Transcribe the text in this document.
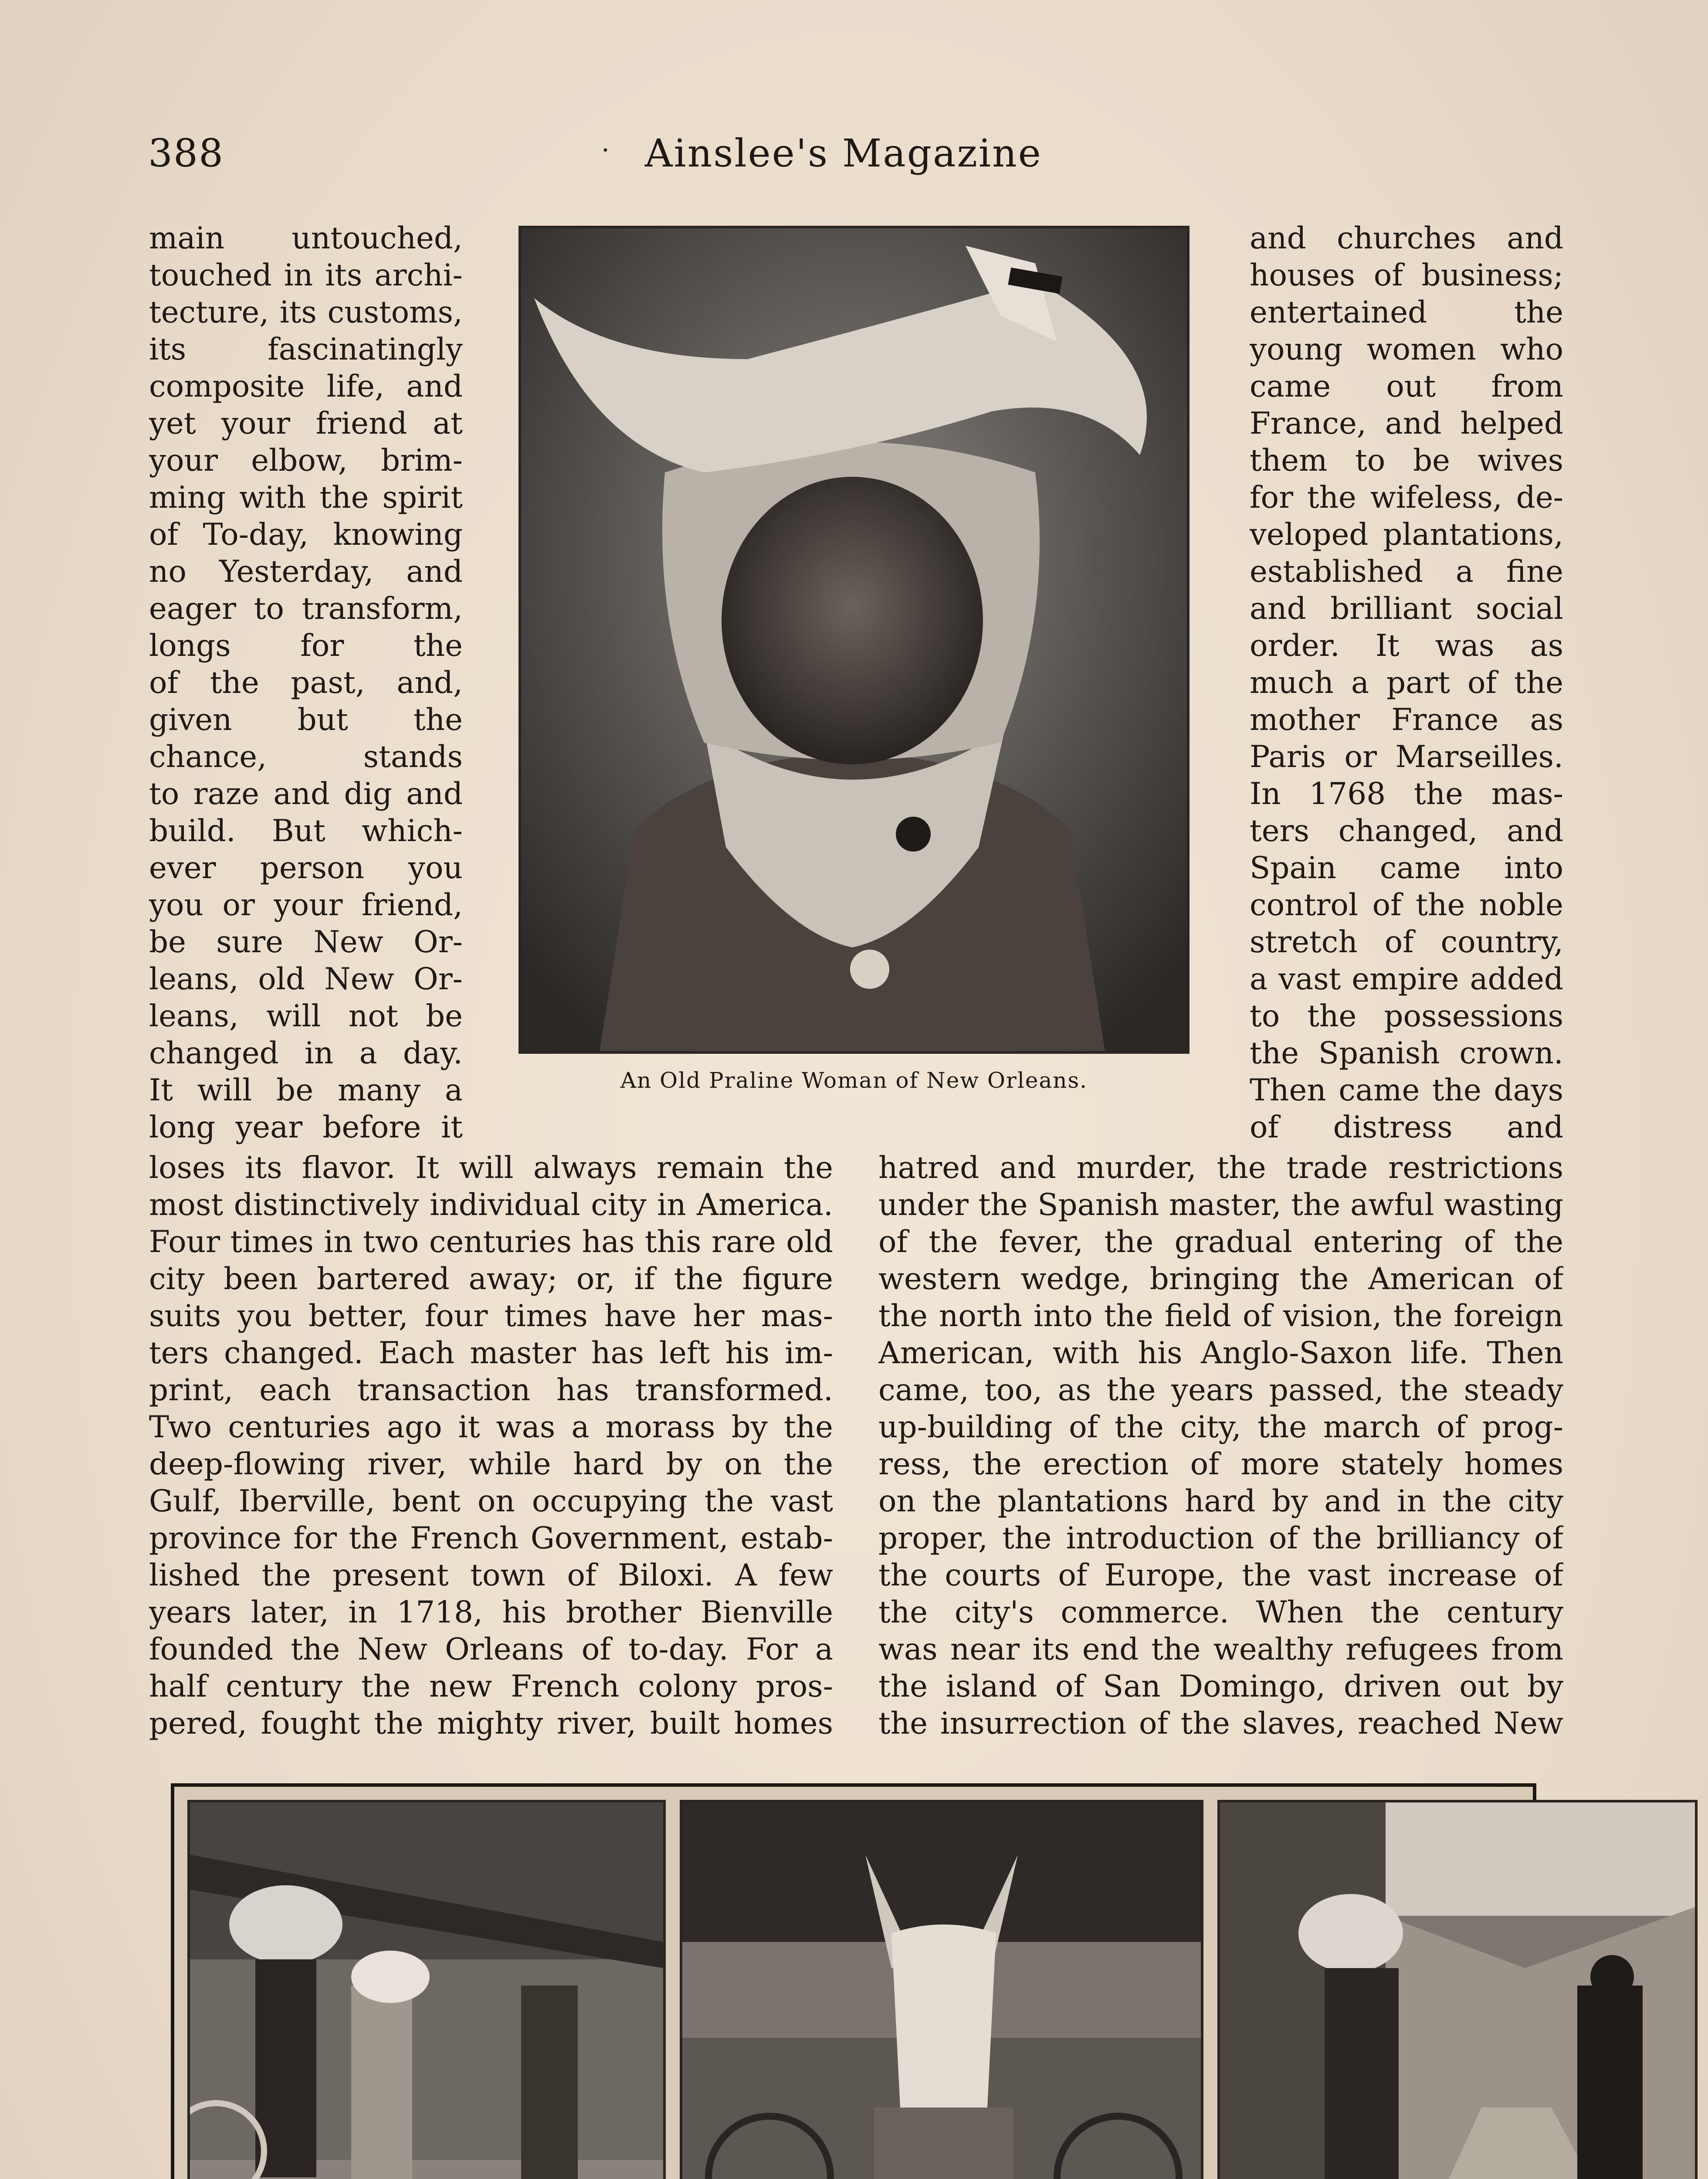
388	Ainslee's Magazine
·
main untouched,
touched in its archi-
tecture, its customs,
its fascinatingly
composite life, and
yet your friend at
your elbow, brim-
ming with the spirit
of To-day, knowing
no Yesterday, and
eager to transform,
longs for the
of the past, and,
given but the
chance, stands
to raze and dig and
build. But which-
ever person you
you or your friend,
be sure New Or-
leans, old New Or-
leans, will not be
changed in a day.
It will be many a
long year before it
and churches and
houses of business;
entertained the
young women who
came out from
France, and helped
them to be wives
for the wifeless, de-
veloped plantations,
established a fine
and brilliant social
order. It was as
much a part of the
mother France as
Paris or Marseilles.
In 1768 the mas-
ters changed, and
Spain came into
control of the noble
stretch of country,
a vast empire added
to the possessions
the Spanish crown.
Then came the days
of distress and
loses its flavor. It will always remain the
most distinctively individual city in America.
Four times in two centuries has this rare old
city been bartered away; or, if the figure
suits you better, four times have her mas-
ters changed. Each master has left his im-
print, each transaction has transformed.
Two centuries ago it was a morass by the
deep-flowing river, while hard by on the
Gulf, Iberville, bent on occupying the vast
province for the French Government, estab-
lished the present town of Biloxi. A few
years later, in 1718, his brother Bienville
founded the New Orleans of to-day. For a
half century the new French colony pros-
pered, fought the mighty river, built homes
hatred and murder, the trade restrictions
under the Spanish master, the awful wasting
of the fever, the gradual entering of the
western wedge, bringing the American of
the north into the field of vision, the foreign
American, with his Anglo-Saxon life. Then
came, too, as the years passed, the steady
up-building of the city, the march of prog-
ress, the erection of more stately homes
on the plantations hard by and in the city
proper, the introduction of the brilliancy of
the courts of Europe, the vast increase of
the city's commerce. When the century
was near its end the wealthy refugees from
the island of San Domingo, driven out by
the insurrection of the slaves, reached New
An Old Praline Woman of New Orleans.
